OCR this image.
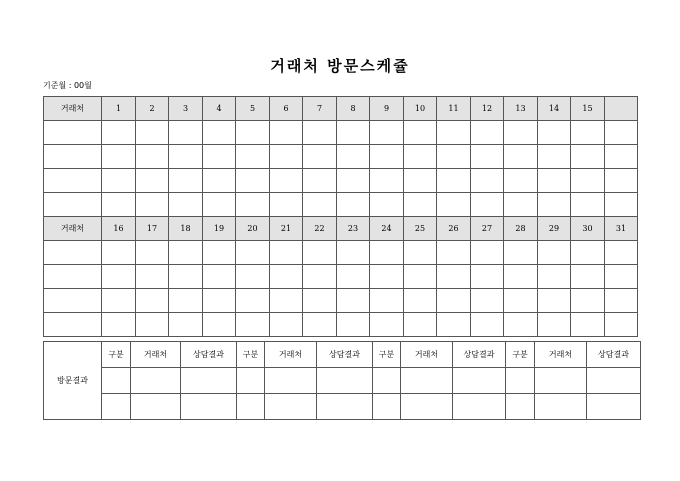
거래처 방문스케쥴
기준월 : 00월
거래처	1	2	3	4	5	6	7	8	9	10	11	12	13	14	15	

거래처	16	17	18	19	20	21	22	23	24	25	26	27	28	29	30	31

방문결과	구분	거래처	상담결과	구분	거래처	상담결과	구분	거래처	상담결과	구분	거래처	상담결과
